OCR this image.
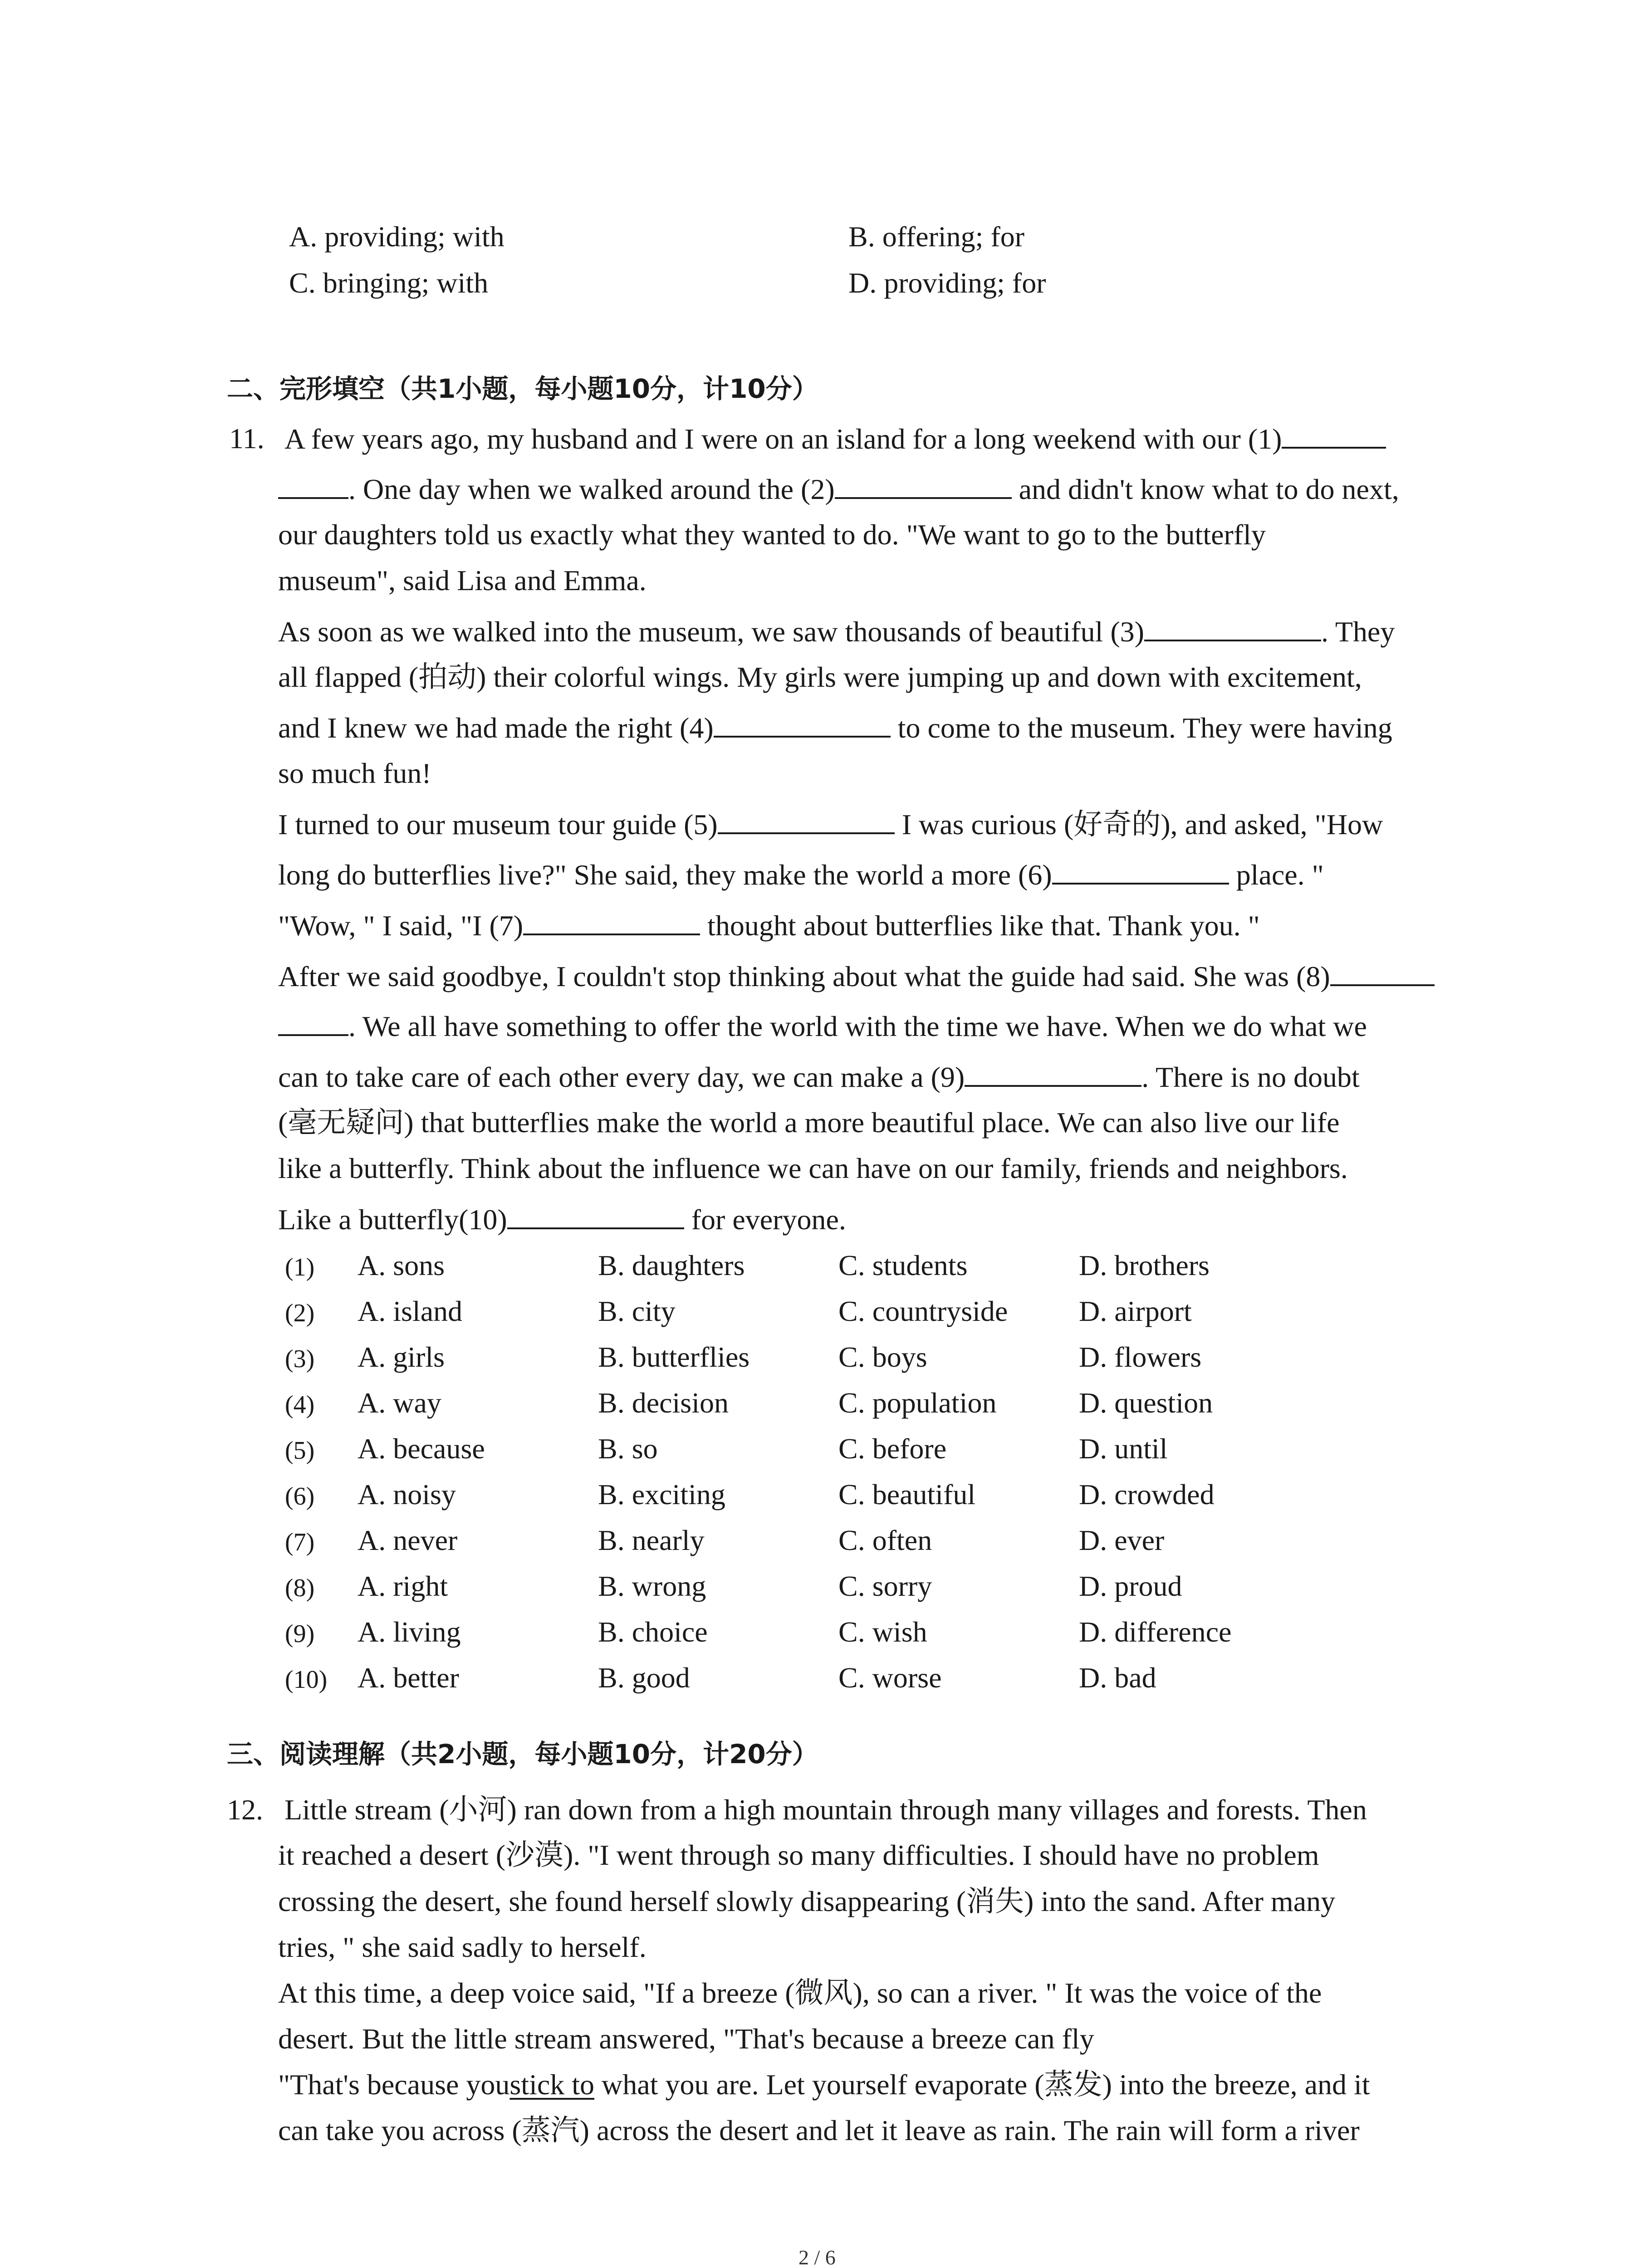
A. providing; with	B. offering; for
C. bringing; with	D. providing; for
二、完形填空（共1小题，每小题10分，计10分）
11. A few years ago, my husband and I were on an island for a long weekend with our (1)
. One day when we walked around the (2)	and didn't know what to do next,
our daughters told us exactly what they wanted to do. "We want to go to the butterfly
museum", said Lisa and Emma.
As soon as we walked into the museum, we saw thousands of beautiful (3)	. They
all flapped (拍动) their colorful wings. My girls were jumping up and down with excitement,
and I knew we had made the right (4)	to come to the museum. They were having
so much fun!
I turned to our museum tour guide (5)	I was curious (好奇的), and asked, "How
long do butterflies live?" She said, they make the world a more (6)	place. "
"Wow, " I said, "I (7)	thought about butterflies like that. Thank you. "
After we said goodbye, I couldn't stop thinking about what the guide had said. She was (8)
. We all have something to offer the world with the time we have. When we do what we
can to take care of each other every day, we can make a (9)	. There is no doubt
(毫无疑问) that butterflies make the world a more beautiful place. We can also live our life
like a butterfly. Think about the influence we can have on our family, friends and neighbors.
Like a butterfly(10)	for everyone.
(1) A. sons	B. daughters	C. students	D. brothers
(2) A. island	B. city	C. countryside D. airport
(3) A. girls	B. butterflies	C. boys	D. flowers
(4) A. way	B. decision	C. population	D. question
(5) A. because	B. so	C. before	D. until
(6) A. noisy	B. exciting	C. beautiful	D. crowded
(7) A. never	B. nearly	C. often	D. ever
(8) A. right	B. wrong	C. sorry	D. proud
(9) A. living	B. choice	C. wish	D. difference
(10) A. better	B. good	C. worse	D. bad
三、阅读理解（共2小题，每小题10分，计20分）
12. Little stream (小河) ran down from a high mountain through many villages and forests. Then
it reached a desert (沙漠). "I went through so many difficulties. I should have no problem
crossing the desert, she found herself slowly disappearing (消失) into the sand. After many
tries, " she said sadly to herself.
At this time, a deep voice said, "If a breeze (微风), so can a river. " It was the voice of the
desert. But the little stream answered, "That's because a breeze can fly
"That's because youstick to what you are. Let yourself evaporate (蒸发) into the breeze, and it
can take you across (蒸汽) across the desert and let it leave as rain. The rain will form a river
2 / 6
